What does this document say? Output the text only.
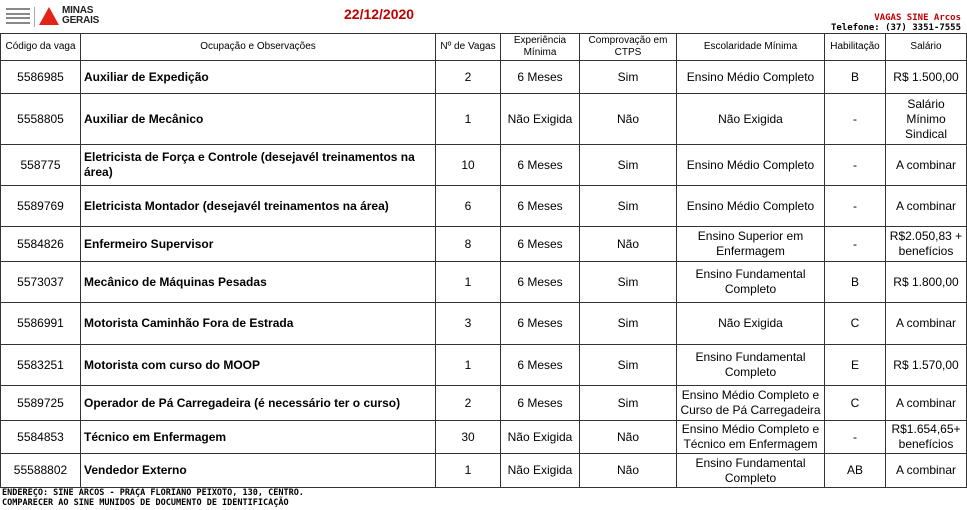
MINAS
GERAIS	22/12/2020	VAGAS SINE Arcos
Telefone: (37) 3351-7555
Código da vaga	Ocupação e Observações	Nº de Vagas	Experiência Mínima	Comprovação em CTPS	Escolaridade Mínima	Habilitação	Salário
5586985	Auxiliar de Expedição	2	6 Meses	Sim	Ensino Médio Completo	B	R$ 1.500,00
5558805	Auxiliar de Mecânico	1	Não Exigida	Não	Não Exigida	-	Salário Mínimo Sindical
558775	Eletricista de Força e Controle (desejavél treinamentos na área)	10	6 Meses	Sim	Ensino Médio Completo	-	A combinar
5589769	Eletricista Montador (desejavél treinamentos na área)	6	6 Meses	Sim	Ensino Médio Completo	-	A combinar
5584826	Enfermeiro Supervisor	8	6 Meses	Não	Ensino Superior em Enfermagem	-	R$2.050,83 + benefícios
5573037	Mecânico de Máquinas Pesadas	1	6 Meses	Sim	Ensino Fundamental Completo	B	R$ 1.800,00
5586991	Motorista Caminhão Fora de Estrada	3	6 Meses	Sim	Não Exigida	C	A combinar
5583251	Motorista com curso do MOOP	1	6 Meses	Sim	Ensino Fundamental Completo	E	R$ 1.570,00
5589725	Operador de Pá Carregadeira (é necessário ter o curso)	2	6 Meses	Sim	Ensino Médio Completo e Curso de Pá Carregadeira	C	A combinar
5584853	Técnico em Enfermagem	30	Não Exigida	Não	Ensino Médio Completo e Técnico em Enfermagem	-	R$1.654,65+ benefícios
55588802	Vendedor Externo	1	Não Exigida	Não	Ensino Fundamental Completo	AB	A combinar
ENDEREÇO: SINE ARCOS - PRAÇA FLORIANO PEIXOTO, 130, CENTRO.
COMPARECER AO SINE MUNIDOS DE DOCUMENTO DE IDENTIFICAÇÃO
